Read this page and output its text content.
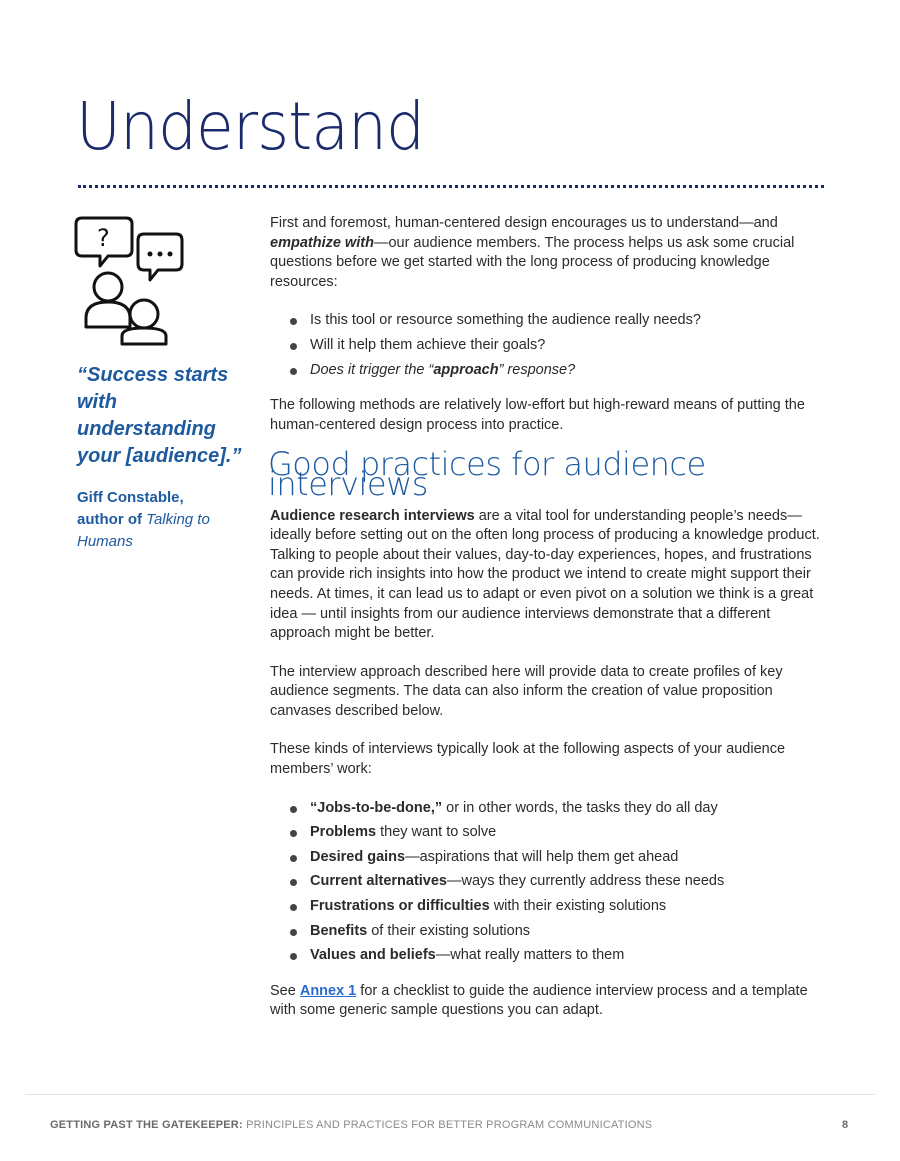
Understand
?
“Success starts with understanding your [audience].”
Giff Constable,
author of Talking to Humans

First and foremost, human-centered design encourages us to understand—and empathize with—our audience members. The process helps us ask some crucial questions before we get started with the long process of producing knowledge resources:

Is this tool or resource something the audience really needs?
Will it help them achieve their goals?
Does it trigger the “approach” response?

The following methods are relatively low-effort but high-reward means of putting the human-centered design process into practice.

Good practices for audience interviews

Audience research interviews are a vital tool for understanding people’s needs—ideally before setting out on the often long process of producing a knowledge product. Talking to people about their values, day-to-day experiences, hopes, and frustrations can provide rich insights into how the product we intend to create might support their needs. At times, it can lead us to adapt or even pivot on a solution we think is a great idea — until insights from our audience interviews demonstrate that a different approach might be better.

The interview approach described here will provide data to create profiles of key audience segments. The data can also inform the creation of value proposition canvases described below.

These kinds of interviews typically look at the following aspects of your audience members’ work:

“Jobs-to-be-done,” or in other words, the tasks they do all day
Problems they want to solve
Desired gains—aspirations that will help them get ahead
Current alternatives—ways they currently address these needs
Frustrations or difficulties with their existing solutions
Benefits of their existing solutions
Values and beliefs—what really matters to them

See Annex 1 for a checklist to guide the audience interview process and a template with some generic sample questions you can adapt.

GETTING PAST THE GATEKEEPER: PRINCIPLES AND PRACTICES FOR BETTER PROGRAM COMMUNICATIONS	8
